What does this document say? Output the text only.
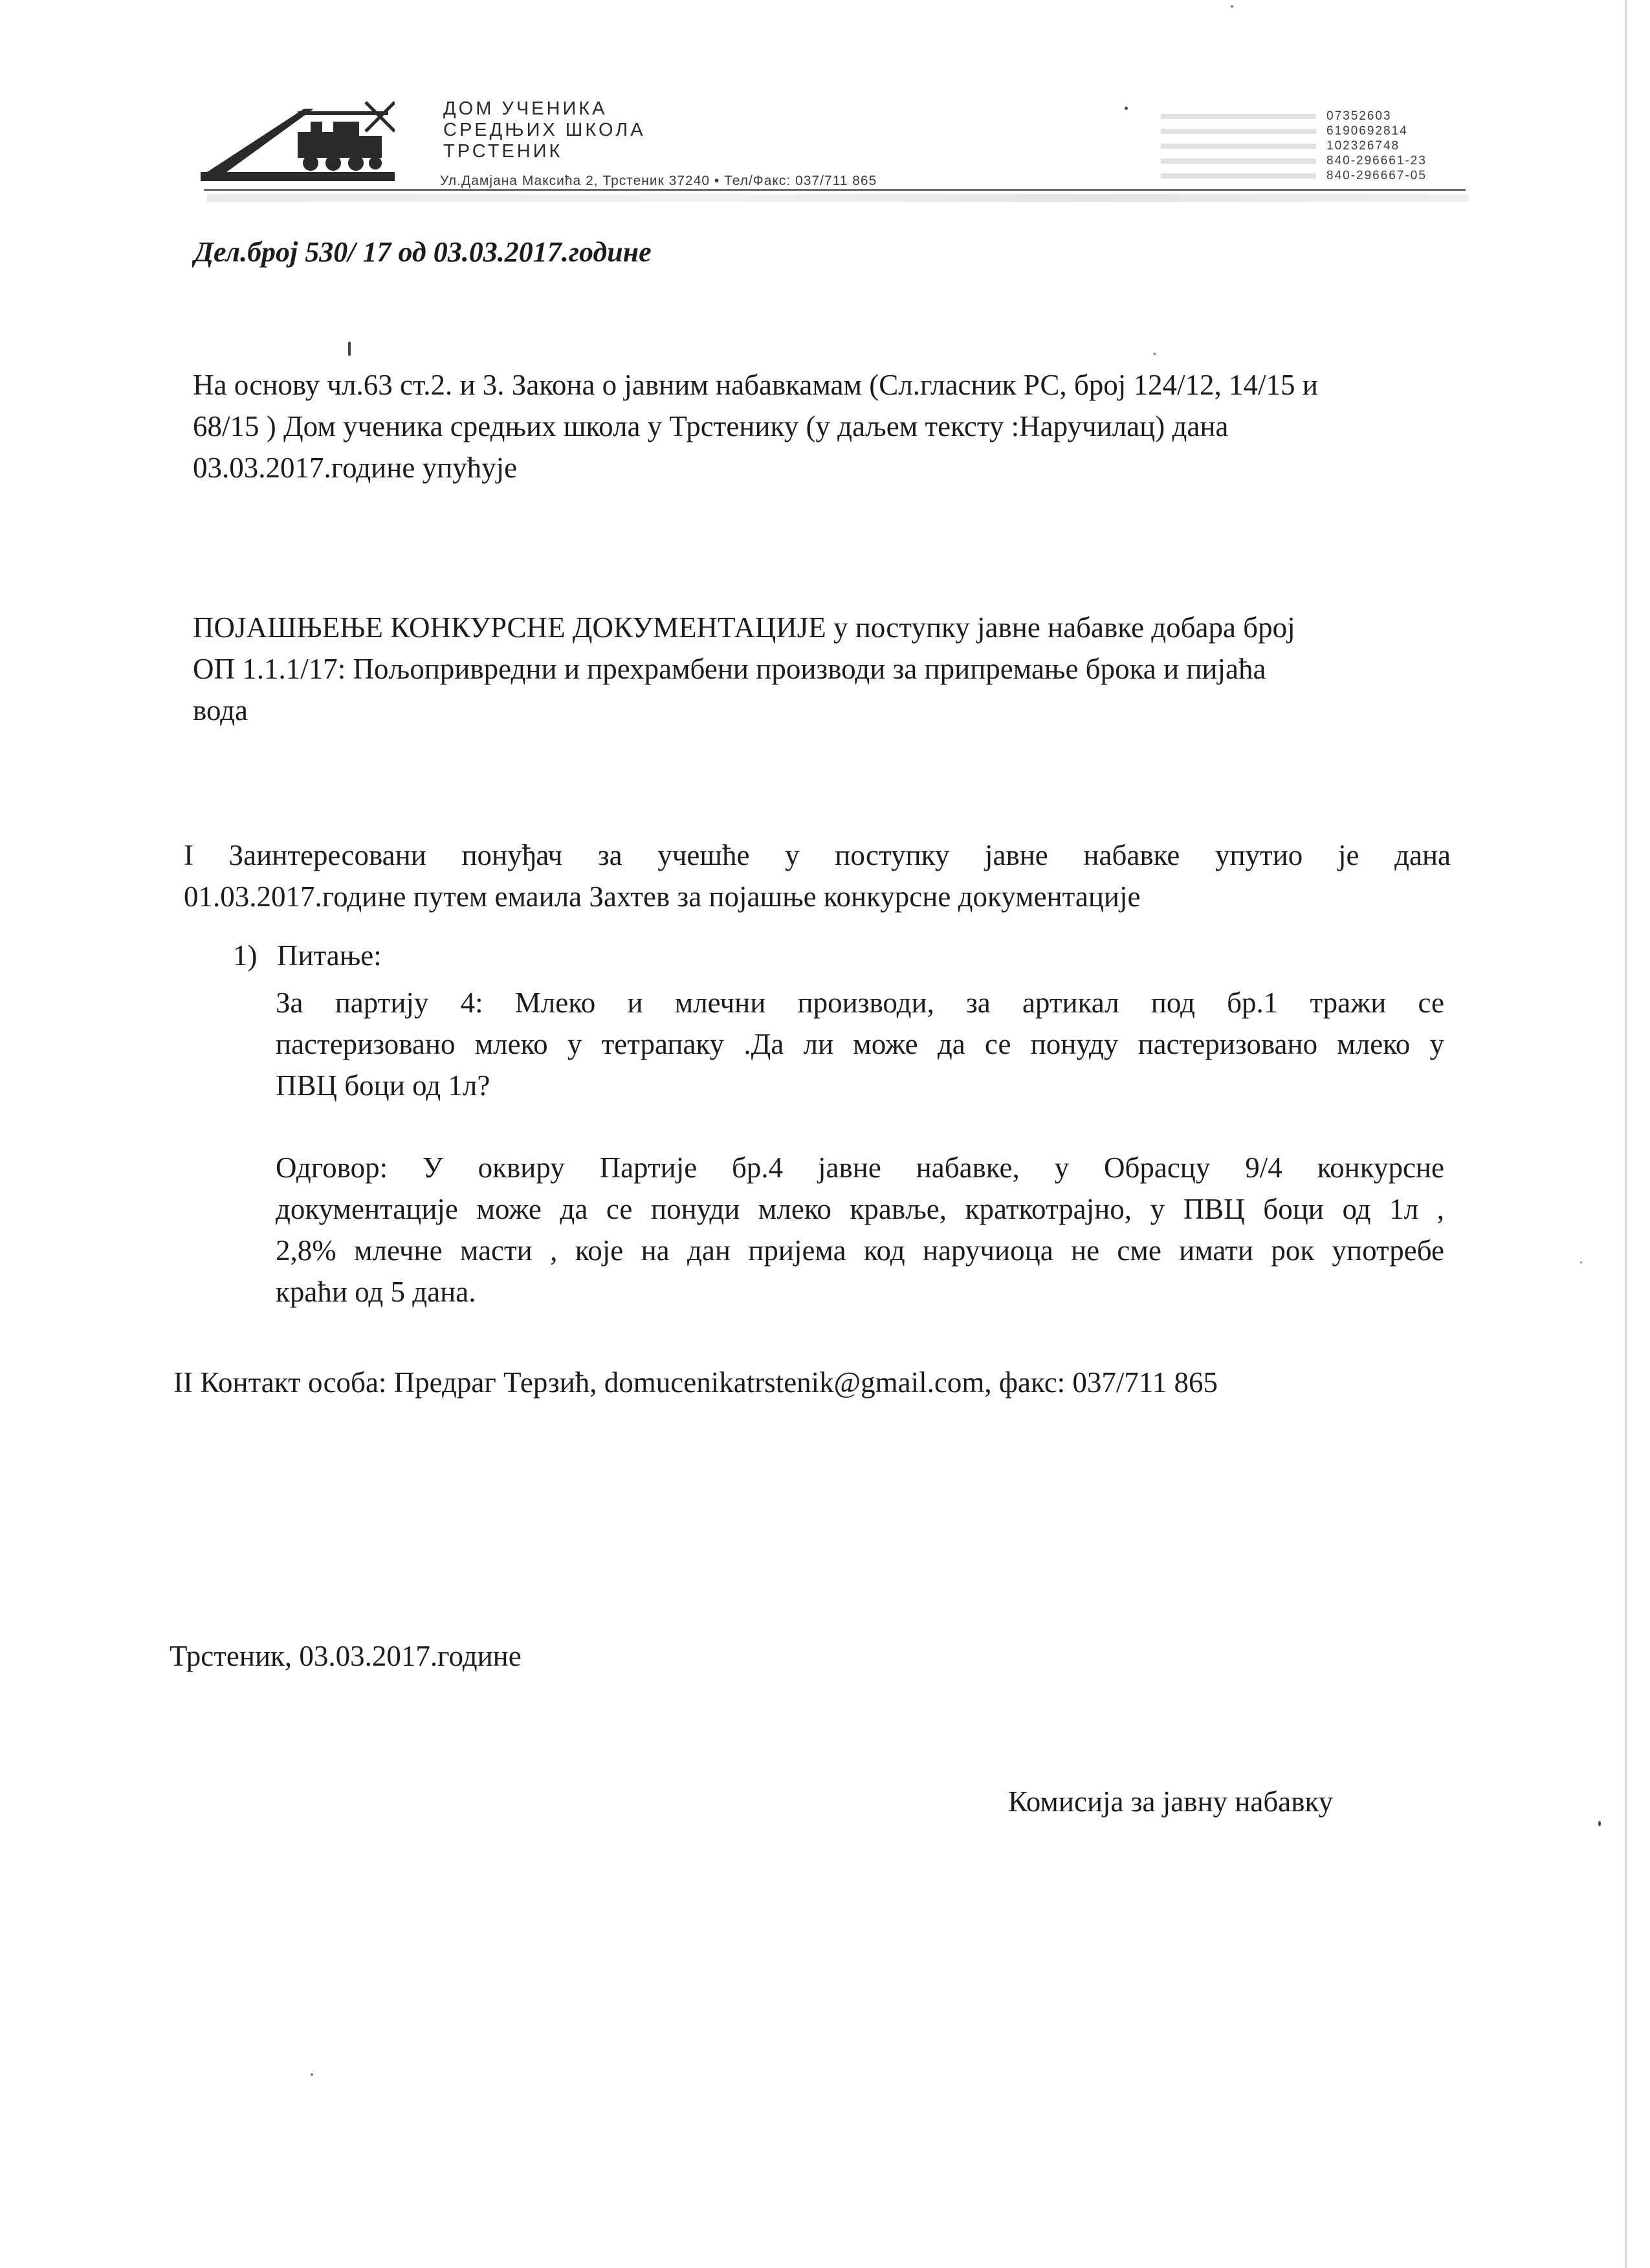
ДОМ УЧЕНИКА
СРЕДЊИХ ШКОЛА
ТРСТЕНИК
07352603
6190692814
102326748
840-296661-23
840-296667-05
Ул.Дамјана Максића 2, Трстеник 37240 • Тел/Факс: 037/711 865
Дел.број 530/ 17 од 03.03.2017.године
На основу чл.63 ст.2. и 3. Закона о јавним набавкамам (Сл.гласник РС, број 124/12, 14/15 и
68/15 ) Дом ученика средњих школа у Трстенику (у даљем тексту :Наручилац) дана
03.03.2017.године упућује
ПОЈАШЊЕЊЕ КОНКУРСНЕ ДОКУМЕНТАЦИЈЕ у поступку јавне набавке добара број
ОП 1.1.1/17: Пољопривредни и прехрамбени производи за припремање брока и пијаћа
вода
I Заинтересовани понуђач за учешће у поступку јавне набавке упутио је дана
01.03.2017.године путем емаила Захтев за појашње конкурсне документације
1) Питање:
За партију 4: Млеко и млечни производи, за артикал под бр.1 тражи се
пастеризовано млеко у тетрапаку .Да ли може да се понуду пастеризовано млеко у
ПВЦ боци од 1л?
Одговор: У оквиру Партије бр.4 јавне набавке, у Обрасцу 9/4 конкурсне
документације може да се понуди млеко кравље, краткотрајно, у ПВЦ боци од 1л ,
2,8% млечне масти , које на дан пријема код наручиоца не сме имати рок употребе
краћи од 5 дана.
II Контакт особа: Предраг Терзић, domucenikatrstenik@gmail.com, факс: 037/711 865
Трстеник, 03.03.2017.године
Комисија за јавну набавку
